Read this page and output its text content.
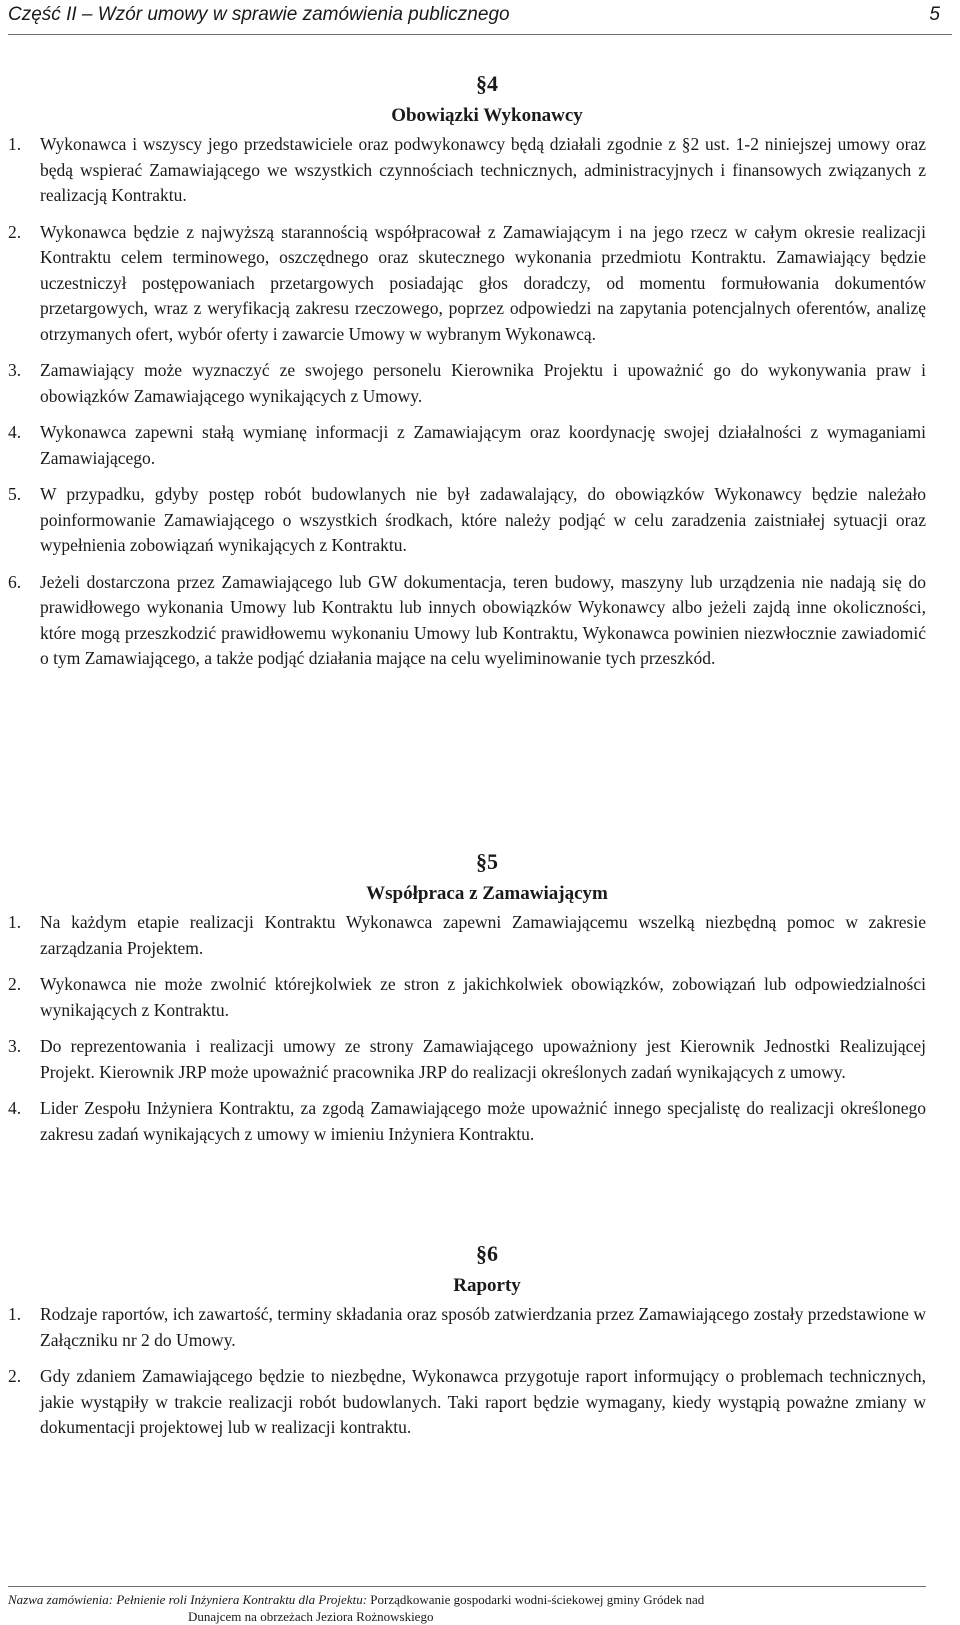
Część II – Wzór umowy w sprawie zamówienia publicznego	5
§4
Obowiązki Wykonawcy
1. Wykonawca i wszyscy jego przedstawiciele oraz podwykonawcy będą działali zgodnie z §2 ust. 1-2 niniejszej umowy oraz będą wspierać Zamawiającego we wszystkich czynnościach technicznych, administracyjnych i finansowych związanych z realizacją Kontraktu.
2. Wykonawca będzie z najwyższą starannością współpracował z Zamawiającym i na jego rzecz w całym okresie realizacji Kontraktu celem terminowego, oszczędnego oraz skutecznego wykonania przedmiotu Kontraktu. Zamawiający będzie uczestniczył postępowaniach przetargowych posiadając głos doradczy, od momentu formułowania dokumentów przetargowych, wraz z weryfikacją zakresu rzeczowego, poprzez odpowiedzi na zapytania potencjalnych oferentów, analizę otrzymanych ofert, wybór oferty i zawarcie Umowy w wybranym Wykonawcą.
3. Zamawiający może wyznaczyć ze swojego personelu Kierownika Projektu i upoważnić go do wykonywania praw i obowiązków Zamawiającego wynikających z Umowy.
4. Wykonawca zapewni stałą wymianę informacji z Zamawiającym oraz koordynację swojej działalności z wymaganiami Zamawiającego.
5. W przypadku, gdyby postęp robót budowlanych nie był zadawalający, do obowiązków Wykonawcy będzie należało poinformowanie Zamawiającego o wszystkich środkach, które należy podjąć w celu zaradzenia zaistniałej sytuacji oraz wypełnienia zobowiązań wynikających z Kontraktu.
6. Jeżeli dostarczona przez Zamawiającego lub GW dokumentacja, teren budowy, maszyny lub urządzenia nie nadają się do prawidłowego wykonania Umowy lub Kontraktu lub innych obowiązków Wykonawcy albo jeżeli zajdą inne okoliczności, które mogą przeszkodzić prawidłowemu wykonaniu Umowy lub Kontraktu, Wykonawca powinien niezwłocznie zawiadomić o tym Zamawiającego, a także podjąć działania mające na celu wyeliminowanie tych przeszkód.
§5
Współpraca z Zamawiającym
1. Na każdym etapie realizacji Kontraktu Wykonawca zapewni Zamawiającemu wszelką niezbędną pomoc w zakresie zarządzania Projektem.
2. Wykonawca nie może zwolnić którejkolwiek ze stron z jakichkolwiek obowiązków, zobowiązań lub odpowiedzialności wynikających z Kontraktu.
3. Do reprezentowania i realizacji umowy ze strony Zamawiającego upoważniony jest Kierownik Jednostki Realizującej Projekt. Kierownik JRP może upoważnić pracownika JRP do realizacji określonych zadań wynikających z umowy.
4. Lider Zespołu Inżyniera Kontraktu, za zgodą Zamawiającego może upoważnić innego specjalistę do realizacji określonego zakresu zadań wynikających z umowy w imieniu Inżyniera Kontraktu.
§6
Raporty
1. Rodzaje raportów, ich zawartość, terminy składania oraz sposób zatwierdzania przez Zamawiającego zostały przedstawione w Załączniku nr 2 do Umowy.
2. Gdy zdaniem Zamawiającego będzie to niezbędne, Wykonawca przygotuje raport informujący o problemach technicznych, jakie wystąpiły w trakcie realizacji robót budowlanych. Taki raport będzie wymagany, kiedy wystąpią poważne zmiany w dokumentacji projektowej lub w realizacji kontraktu.
Nazwa zamówienia: Pełnienie roli Inżyniera Kontraktu dla Projektu: Porządkowanie gospodarki wodni-ściekowej gminy Gródek nad
Dunajcem na obrzeżach Jeziora Rożnowskiego
